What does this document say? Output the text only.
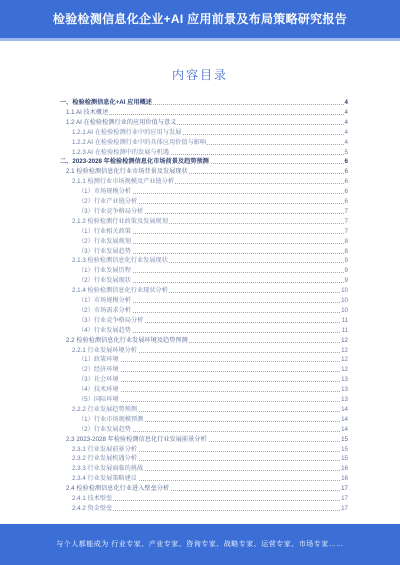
检验检测信息化企业+AI 应用前景及布局策略研究报告
内容目录
一、检验检测信息化+AI 应用概述	4
1.1 AI 技术概述	4
1.2 AI 在检验检测行业的应用价值与意义	4
1.2.1 AI 在检验检测行业中的应用与发展	4
1.2.2 AI 在检验检测行业中的具体应用价值与影响	4
1.2.3 AI 在检验检测中的发展与机遇	5
二、2023-2028 年检验检测信息化市场前景及趋势预测	6
2.1 检验检测信息化行业市场背景及发展现状	6
2.1.1 检测行业市场规模及产业链分析	6
（1）市场规模分析	6
（2）行业产业链分析	6
（3）行业竞争格局分析	7
2.1.2 检验检测行业政策及发展规划	7
（1）行业相关政策	7
（2）行业发展规划	8
（3）行业发展趋势	8
2.1.3 检验检测信息化行业发展现状	9
（1）行业发展历程	9
（2）行业发展现状	9
2.1.4 检验检测信息化行业现状分析	10
（1）市场规模分析	10
（2）市场需求分析	10
（3）行业竞争格局分析	11
（4）行业发展趋势	11
2.2 检验检测信息化行业发展环境及趋势预测	12
2.2.1 行业发展环境分析	12
（1）政策环境	12
（2）经济环境	12
（3）社会环境	13
（4）技术环境	13
（5）国际环境	13
2.2.2 行业发展趋势预测	14
（1）行业市场规模预测	14
（2）行业发展趋势	14
2.3 2023-2028 年检验检测信息化行业发展前景分析	15
2.3.1 行业发展前景分析	15
2.3.2 行业发展机遇分析	15
2.3.3 行业发展面临的挑战	16
2.3.4 行业发展策略建议	16
2.4 检验检测信息化行业进入壁垒分析	17
2.4.1 技术壁垒	17
2.4.2 资金壁垒	17
与个人都能成为 行业专家、产业专家、咨询专家、战略专家、运营专家、市场专家……
